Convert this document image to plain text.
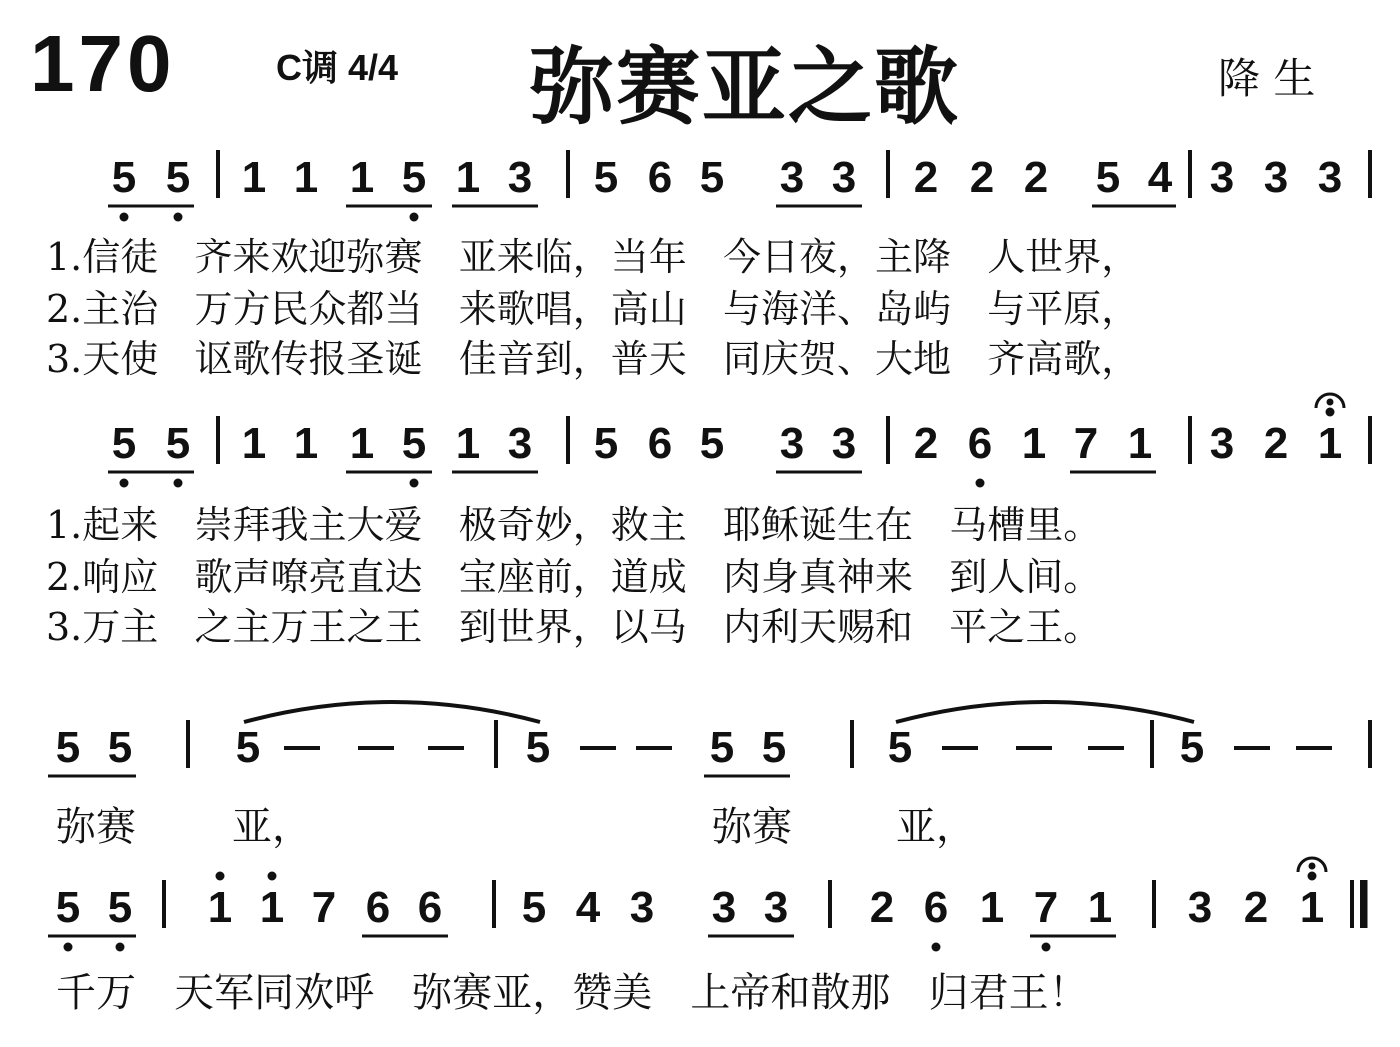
170	C调 4/4 弥赛亚之歌	降 生
5 5 1 1 1 5 1 3 5 6 5 3 3 2 2 2 5 4 3 3 3
1.信徒   齐来欢迎弥赛   亚来临，当年   今日夜，主降   人世界，
2.主治   万方民众都当   来歌唱，高山   与海洋、岛屿   与平原，
3.天使   讴歌传报圣诞   佳音到，普天   同庆贺、大地   齐高歌，
5 5 1 1 1 5 1 3 5 6 5 3 3 2 6 1 7 1 3 2 1
1.起来   崇拜我主大爱   极奇妙，救主   耶稣诞生在   马槽里。
2.响应   歌声嘹亮直达   宝座前，道成   肉身真神来   到人间。
3.万主   之主万王之王   到世界，以马   内利天赐和   平之王。
5 5 5	5	5 5 5	5
弥赛 亚，	弥赛	亚，
5 5 1 1 7 6 6 5 4 3 3 3 2 6 1 7 1 3 2 1
千万   天军同欢呼   弥赛亚，赞美   上帝和散那   归君王！
